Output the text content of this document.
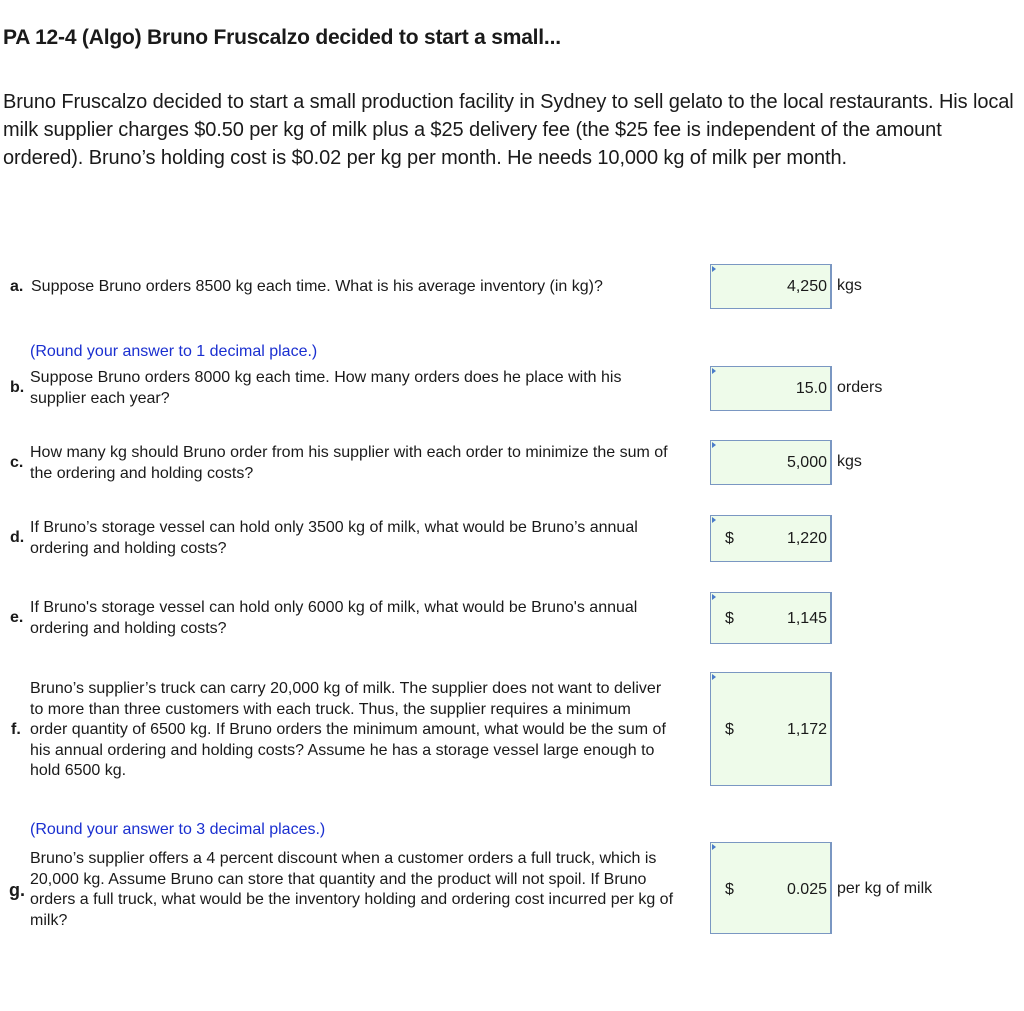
PA 12-4 (Algo) Bruno Fruscalzo decided to start a small...
Bruno Fruscalzo decided to start a small production facility in Sydney to sell gelato to the local restaurants. His local milk supplier charges $0.50 per kg of milk plus a $25 delivery fee (the $25 fee is independent of the amount ordered). Bruno’s holding cost is $0.02 per kg per month. He needs 10,000 kg of milk per month.
a. Suppose Bruno orders 8500 kg each time. What is his average inventory (in kg)?	4,250 kgs
(Round your answer to 1 decimal place.)
b.
Suppose Bruno orders 8000 kg each time. How many orders does he place with his supplier each year?
15.0 orders
c.
How many kg should Bruno order from his supplier with each order to minimize the sum of the ordering and holding costs?
5,000 kgs
d.
If Bruno’s storage vessel can hold only 3500 kg of milk, what would be Bruno’s annual ordering and holding costs?
$	1,220
e.
If Bruno's storage vessel can hold only 6000 kg of milk, what would be Bruno's annual ordering and holding costs?
$	1,145
f.
Bruno’s supplier’s truck can carry 20,000 kg of milk. The supplier does not want to deliver to more than three customers with each truck. Thus, the supplier requires a minimum order quantity of 6500 kg. If Bruno orders the minimum amount, what would be the sum of his annual ordering and holding costs? Assume he has a storage vessel large enough to hold 6500 kg.
$	1,172
(Round your answer to 3 decimal places.)
g.
Bruno’s supplier offers a 4 percent discount when a customer orders a full truck, which is 20,000 kg. Assume Bruno can store that quantity and the product will not spoil. If Bruno orders a full truck, what would be the inventory holding and ordering cost incurred per kg of milk?
$	0.025 per kg of milk
